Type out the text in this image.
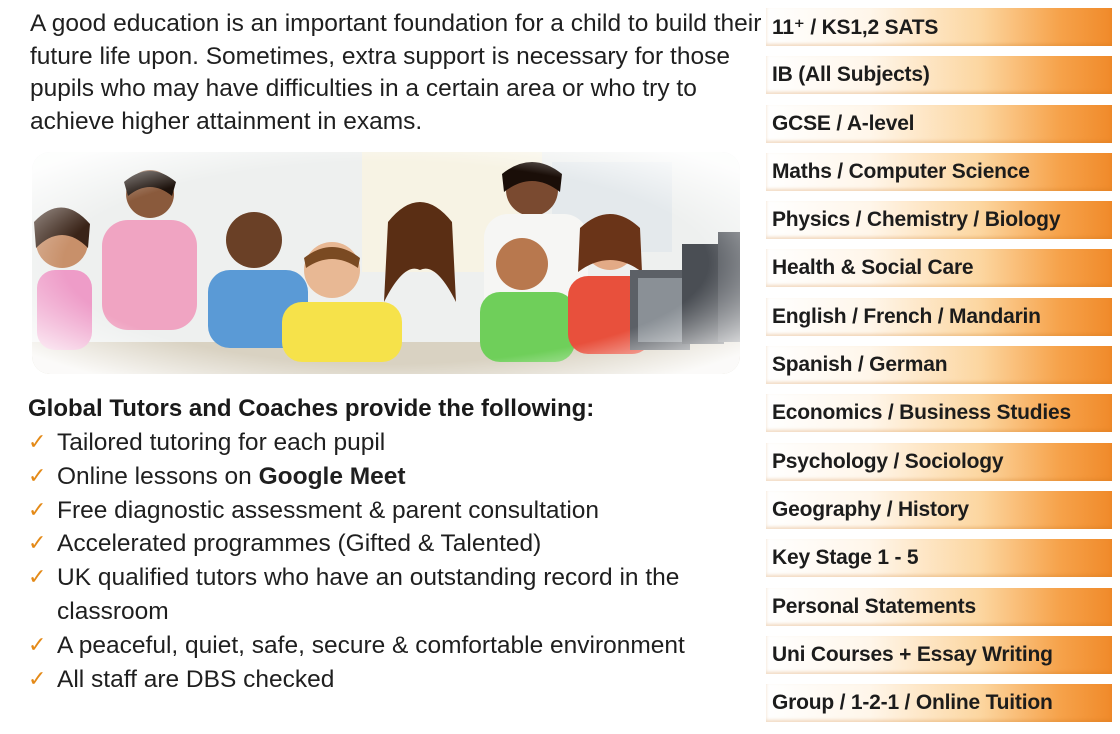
A good education is an important foundation for a child to build their future life upon. Sometimes, extra support is necessary for those pupils who may have difficulties in a certain area or who try to achieve higher attainment in exams.

Global Tutors and Coaches provide the following:

✓ Tailored tutoring for each pupil
✓ Online lessons on Google Meet
✓ Free diagnostic assessment & parent consultation
✓ Accelerated programmes (Gifted & Talented)
✓ UK qualified tutors who have an outstanding record in the classroom
✓ A peaceful, quiet, safe, secure & comfortable environment
✓ All staff are DBS checked
11⁺ / KS1,2 SATS
IB (All Subjects)
GCSE / A-level
Maths / Computer Science
Physics / Chemistry / Biology
Health & Social Care
English / French / Mandarin
Spanish / German
Economics / Business Studies
Psychology / Sociology
Geography / History
Key Stage 1 - 5
Personal Statements
Uni Courses + Essay Writing
Group / 1-2-1 / Online Tuition
